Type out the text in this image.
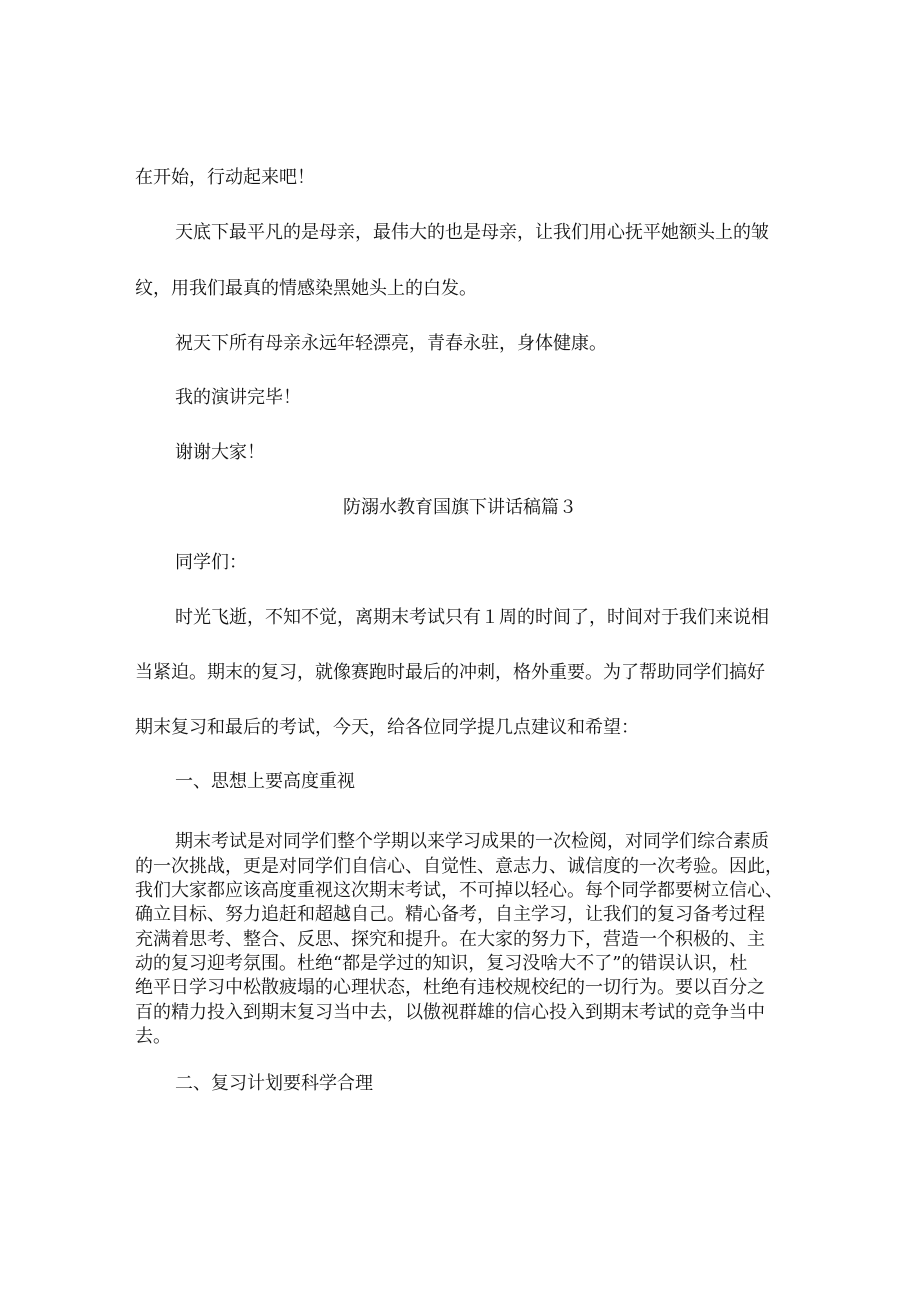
在开始，行动起来吧！

天底下最平凡的是母亲，最伟大的也是母亲，让我们用心抚平她额头上的皱

纹，用我们最真的情感染黑她头上的白发。

祝天下所有母亲永远年轻漂亮，青春永驻，身体健康。

我的演讲完毕！

谢谢大家！

防溺水教育国旗下讲话稿篇３

同学们：

时光飞逝，不知不觉，离期末考试只有１周的时间了，时间对于我们来说相

当紧迫。期末的复习，就像赛跑时最后的冲刺，格外重要。为了帮助同学们搞好

期末复习和最后的考试，今天，给各位同学提几点建议和希望：

一、思想上要高度重视

期末考试是对同学们整个学期以来学习成果的一次检阅，对同学们综合素质

的一次挑战，更是对同学们自信心、自觉性、意志力、诚信度的一次考验。因此，

我们大家都应该高度重视这次期末考试，不可掉以轻心。每个同学都要树立信心、

确立目标、努力追赶和超越自己。精心备考，自主学习，让我们的复习备考过程

充满着思考、整合、反思、探究和提升。在大家的努力下，营造一个积极的、主

动的复习迎考氛围。杜绝“都是学过的知识，复习没啥大不了”的错误认识，杜

绝平日学习中松散疲塌的心理状态，杜绝有违校规校纪的一切行为。要以百分之

百的精力投入到期末复习当中去，以傲视群雄的信心投入到期末考试的竞争当中

去。

二、复习计划要科学合理
